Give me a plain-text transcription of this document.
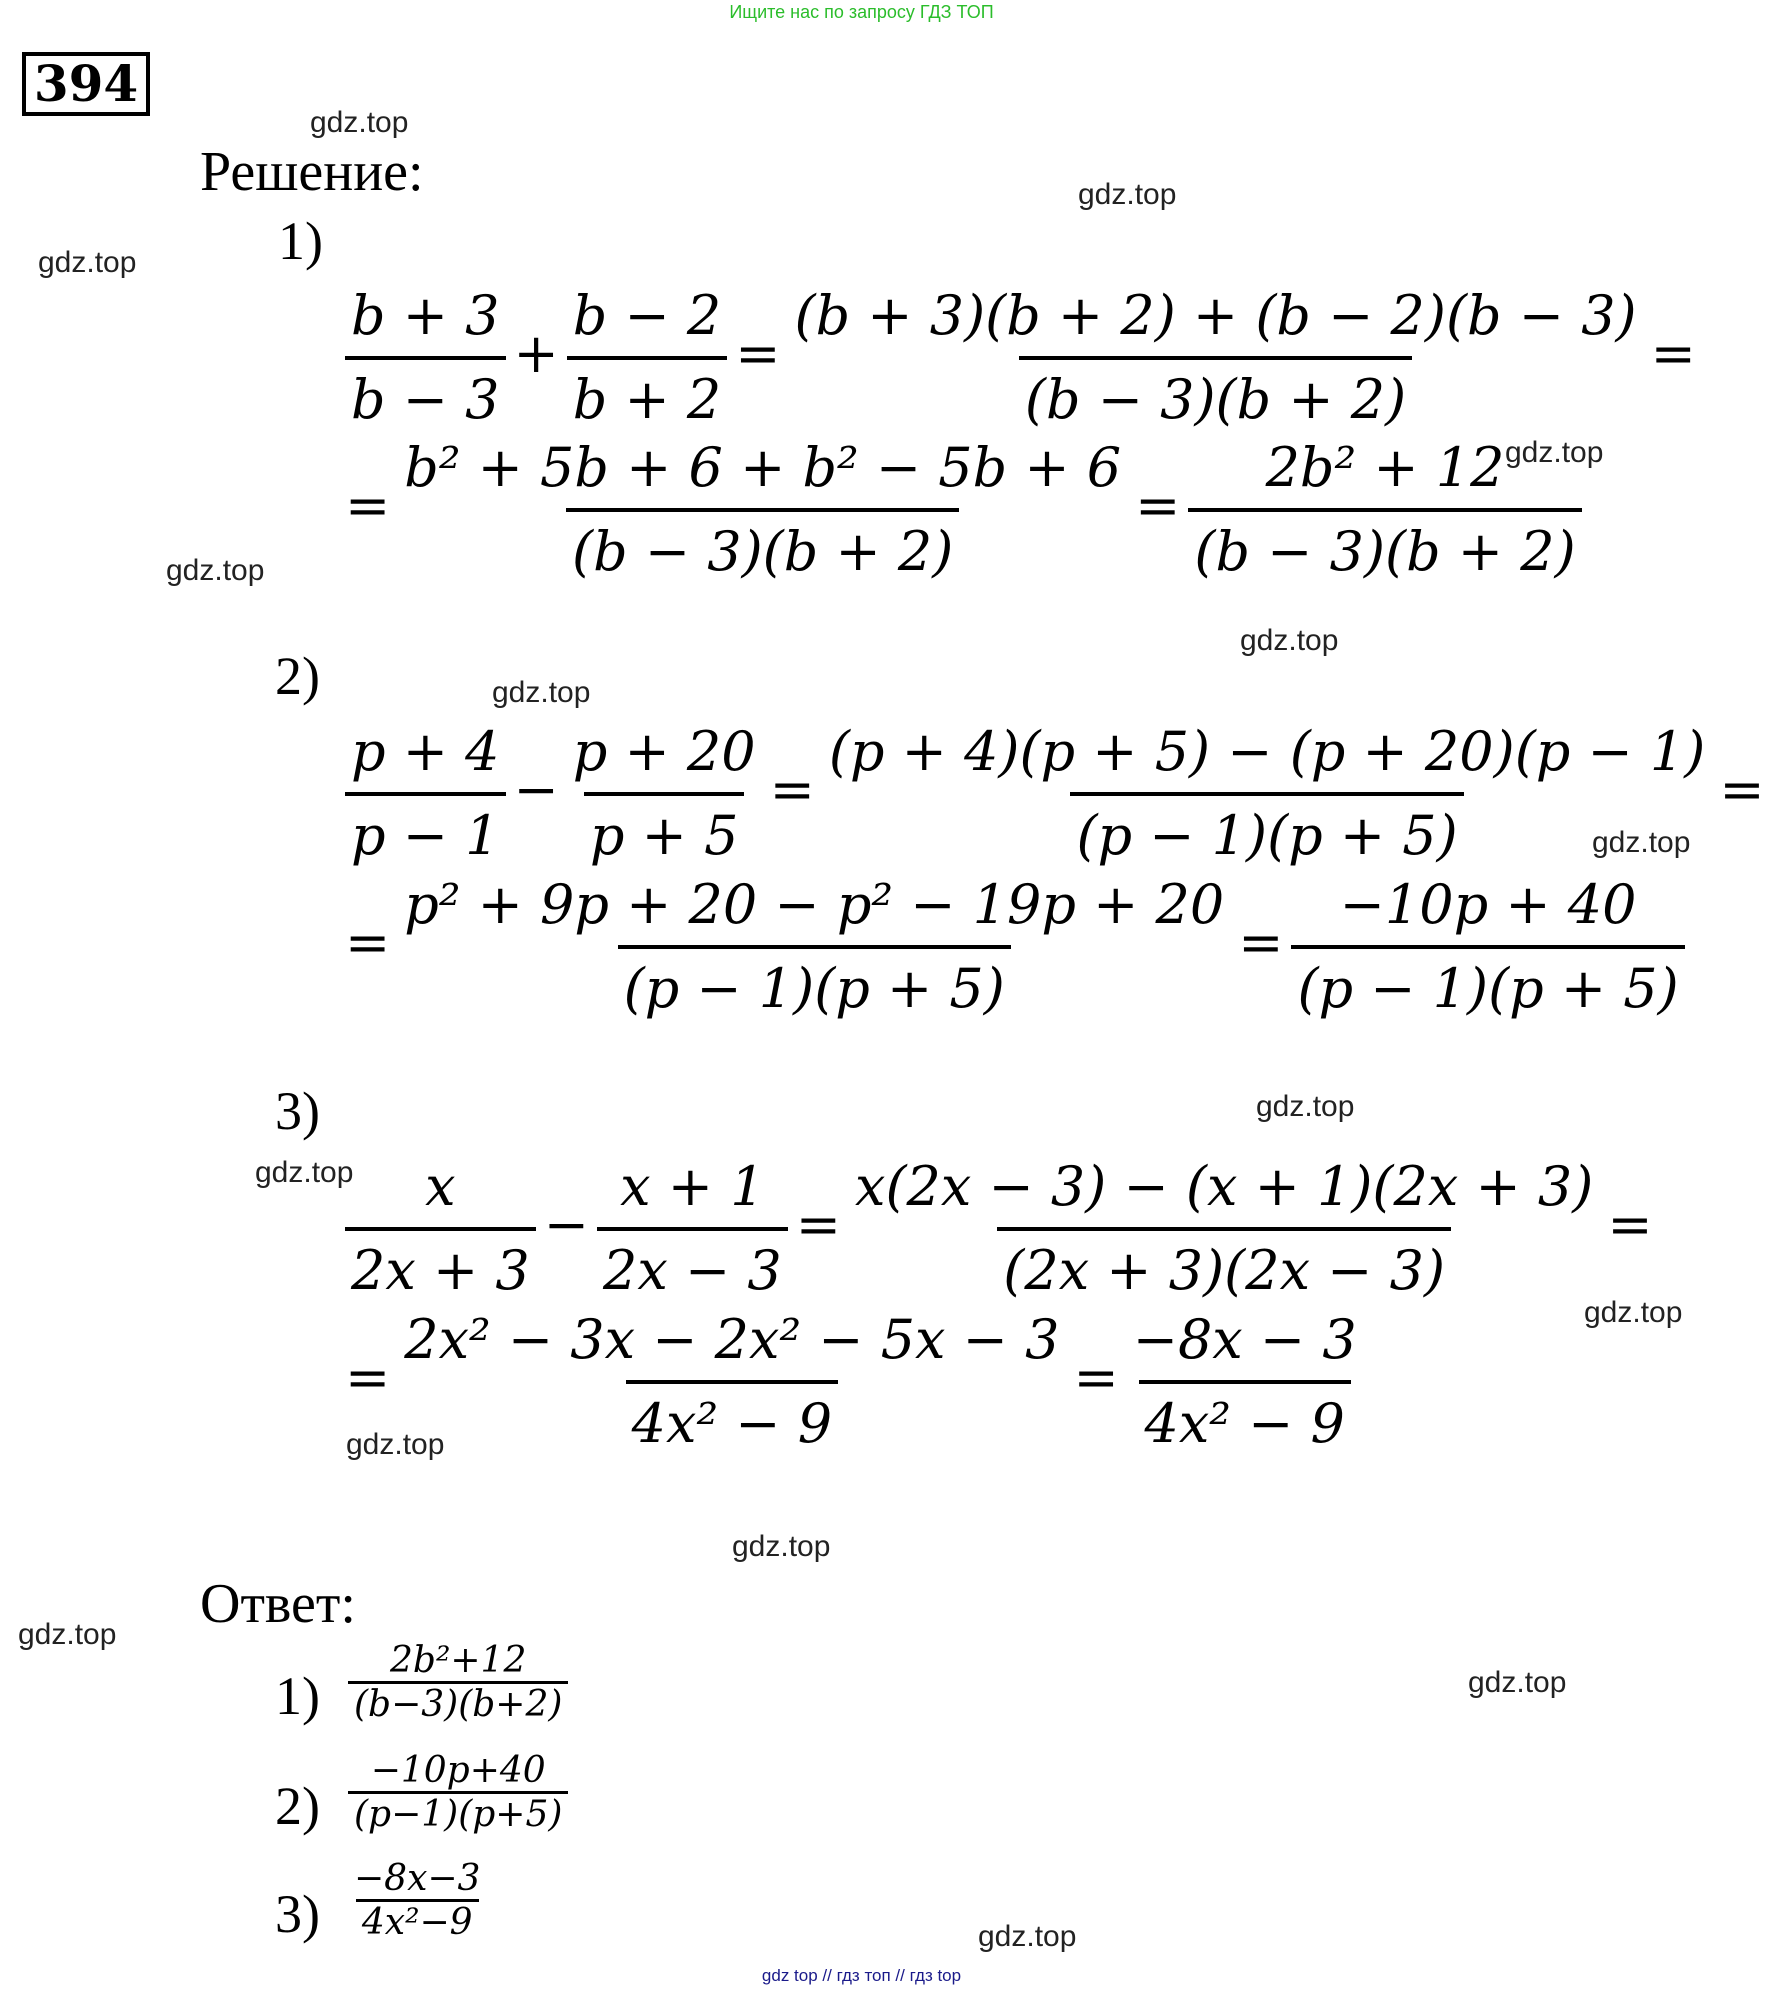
Ищите нас по запросу ГДЗ ТОП
394
Решение:
1)
$\frac{b + 3}{b - 3} + \frac{b - 2}{b + 2} = \frac{(b + 3)(b + 2) + (b - 2)(b - 3)}{(b - 3)(b + 2)}$ =
= $\frac{\text{b² + 5b + 6 + b² − 5b + 6}}{(b - 3)(b + 2)} = \frac{\text{2b² + 12}}{(b - 3)(b + 2)}$
2)
$\frac{p + 4}{p - 1} - \frac{p + 20}{p + 5} = \frac{(p + 4)(p + 5) - (p + 20)(p - 1)}{(p - 1)(p + 5)}$ =
= $\frac{\text{p² + 9p + 20 − p² − 19p + 20}}{(p - 1)(p + 5)} = \frac{-10p + 40}{(p - 1)(p + 5)}$
3)
$\frac{x}{2x + 3} - \frac{x + 1}{2x - 3} = \frac{x(2x - 3) - (x + 1)(2x + 3)}{(2x + 3)(2x - 3)}$ =
= $\frac{\text{2x² − 3x − 2x² − 5x − 3}}{\text{4x² − 9}} = \frac{-8x - 3}{\text{4x² − 9}}$
Ответ:
$1) \frac{\text{2b²+12}}{(b-3)(b+2)}$
$2) \frac{-10p+40}{(p-1)(p+5)}$
$3) \frac{-8x-3}{\text{4x²−9}}$
gdz.top
gdz.top
gdz.top
gdz.top
gdz.top
gdz.top
gdz.top
gdz.top
gdz.top
gdz.top
gdz.top
gdz.top
gdz.top
gdz.top
gdz.top
gdz.top
gdz top // гдз топ // гдз top
